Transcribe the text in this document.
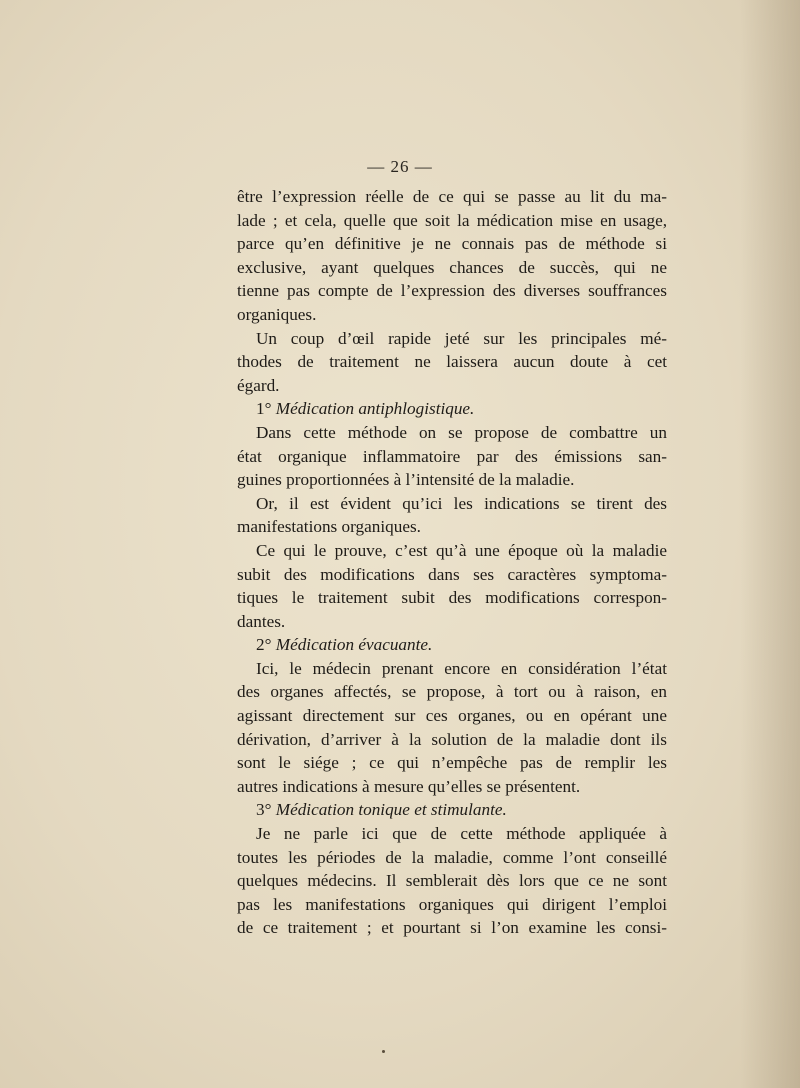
— 26 —
être l’expression réelle de ce qui se passe au lit du ma-
lade ; et cela, quelle que soit la médication mise en usage,
parce qu’en définitive je ne connais pas de méthode si
exclusive, ayant quelques chances de succès, qui ne
tienne pas compte de l’expression des diverses souffrances
organiques.
Un coup d’œil rapide jeté sur les principales mé-
thodes de traitement ne laissera aucun doute à cet
égard.
1° Médication antiphlogistique.
Dans cette méthode on se propose de combattre un
état organique inflammatoire par des émissions san-
guines proportionnées à l’intensité de la maladie.
Or, il est évident qu’ici les indications se tirent des
manifestations organiques.
Ce qui le prouve, c’est qu’à une époque où la maladie
subit des modifications dans ses caractères symptoma-
tiques le traitement subit des modifications correspon-
dantes.
2° Médication évacuante.
Ici, le médecin prenant encore en considération l’état
des organes affectés, se propose, à tort ou à raison, en
agissant directement sur ces organes, ou en opérant une
dérivation, d’arriver à la solution de la maladie dont ils
sont le siége ; ce qui n’empêche pas de remplir les
autres indications à mesure qu’elles se présentent.
3° Médication tonique et stimulante.
Je ne parle ici que de cette méthode appliquée à
toutes les périodes de la maladie, comme l’ont conseillé
quelques médecins. Il semblerait dès lors que ce ne sont
pas les manifestations organiques qui dirigent l’emploi
de ce traitement ; et pourtant si l’on examine les consi-
